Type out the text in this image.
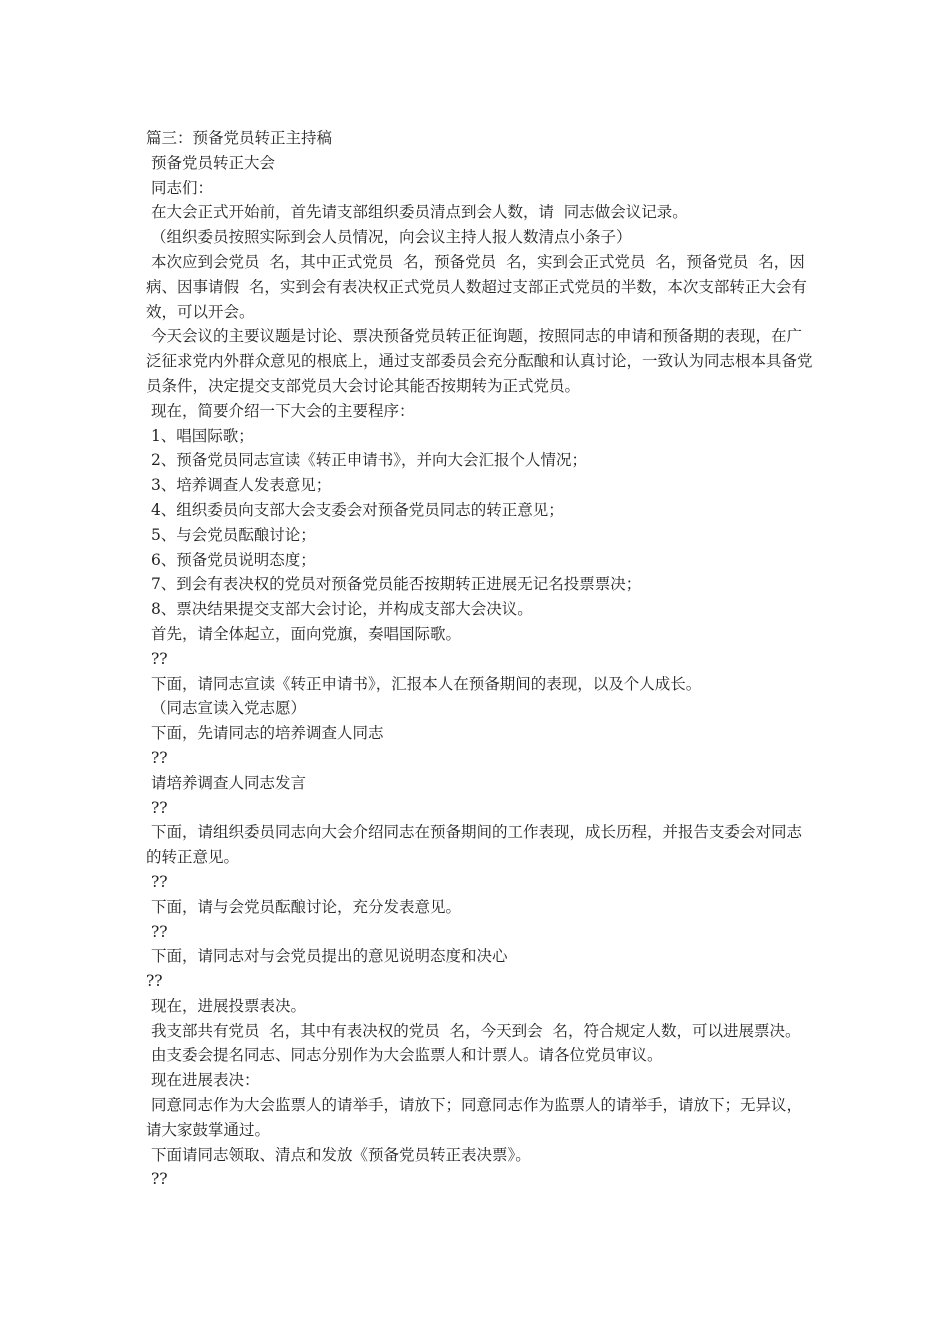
篇三：预备党员转正主持稿

预备党员转正大会

同志们：

在大会正式开始前，首先请支部组织委员清点到会人数，请  同志做会议记录。

（组织委员按照实际到会人员情况，向会议主持人报人数清点小条子）

本次应到会党员  名，其中正式党员  名，预备党员  名，实到会正式党员  名，预备党员  名，因病、因事请假  名，实到会有表决权正式党员人数超过支部正式党员的半数，本次支部转正大会有效，可以开会。

今天会议的主要议题是讨论、票决预备党员转正征询题，按照同志的申请和预备期的表现，在广泛征求党内外群众意见的根底上，通过支部委员会充分酝酿和认真讨论，一致认为同志根本具备党员条件，决定提交支部党员大会讨论其能否按期转为正式党员。

现在，简要介绍一下大会的主要程序：

1、唱国际歌；

2、预备党员同志宣读《转正申请书》，并向大会汇报个人情况；

3、培养调查人发表意见；

4、组织委员向支部大会支委会对预备党员同志的转正意见；

5、与会党员酝酿讨论；

6、预备党员说明态度；

7、到会有表决权的党员对预备党员能否按期转正进展无记名投票票决；

8、票决结果提交支部大会讨论，并构成支部大会决议。

首先，请全体起立，面向党旗，奏唱国际歌。

??

下面，请同志宣读《转正申请书》，汇报本人在预备期间的表现，以及个人成长。

（同志宣读入党志愿）

下面，先请同志的培养调查人同志

??

请培养调查人同志发言

??

下面，请组织委员同志向大会介绍同志在预备期间的工作表现，成长历程，并报告支委会对同志的转正意见。

??

下面，请与会党员酝酿讨论，充分发表意见。

??

下面，请同志对与会党员提出的意见说明态度和决心

??

现在，进展投票表决。

我支部共有党员  名，其中有表决权的党员  名，今天到会  名，符合规定人数，可以进展票决。

由支委会提名同志、同志分别作为大会监票人和计票人。请各位党员审议。

现在进展表决：

同意同志作为大会监票人的请举手，请放下；同意同志作为监票人的请举手，请放下；无异议，请大家鼓掌通过。

下面请同志领取、清点和发放《预备党员转正表决票》。

??
